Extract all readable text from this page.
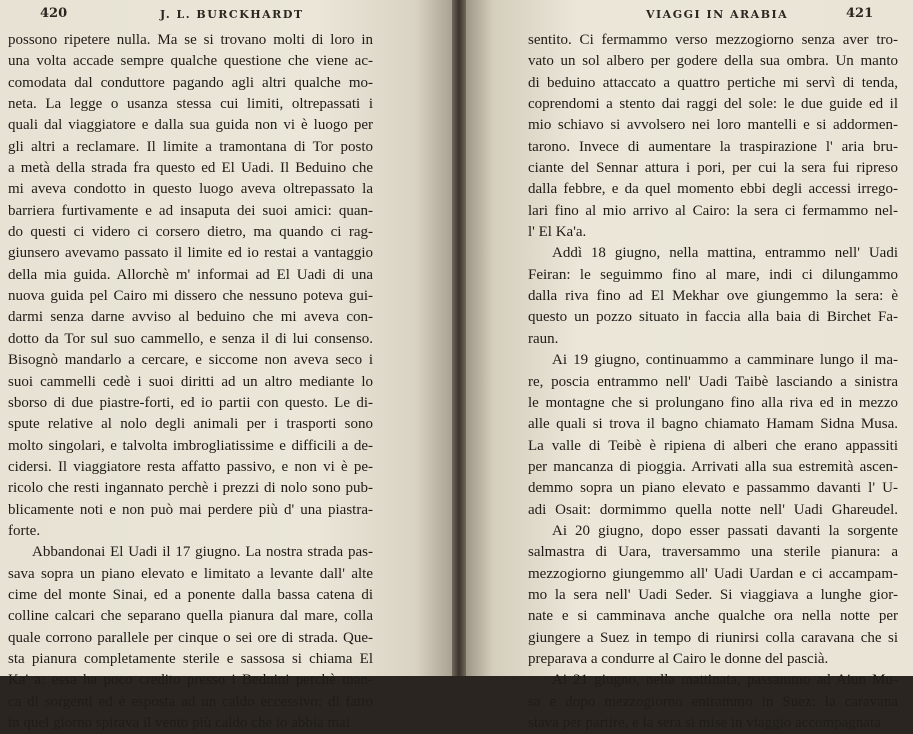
420	J. L. BURCKHARDT
possono ripetere nulla. Ma se si trovano molti di loro in
una volta accade sempre qualche questione che viene ac-
comodata dal conduttore pagando agli altri qualche mo-
neta. La legge o usanza stessa cui limiti, oltrepassati i
quali dal viaggiatore e dalla sua guida non vi è luogo per
gli altri a reclamare. Il limite a tramontana di Tor posto
a metà della strada fra questo ed El Uadi. Il Beduino che
mi aveva condotto in questo luogo aveva oltrepassato la
barriera furtivamente e ad insaputa dei suoi amici: quan-
do questi ci videro ci corsero dietro, ma quando ci rag-
giunsero avevamo passato il limite ed io restai a vantaggio
della mia guida. Allorchè m' informai ad El Uadi di una
nuova guida pel Cairo mi dissero che nessuno poteva gui-
darmi senza darne avviso al beduino che mi aveva con-
dotto da Tor sul suo cammello, e senza il di lui consenso.
Bisognò mandarlo a cercare, e siccome non aveva seco i
suoi cammelli cedè i suoi diritti ad un altro mediante lo
sborso di due piastre-forti, ed io partii con questo. Le di-
spute relative al nolo degli animali per i trasporti sono
molto singolari, e talvolta imbrogliatissime e difficili a de-
cidersi. Il viaggiatore resta affatto passivo, e non vi è pe-
ricolo che resti ingannato perchè i prezzi di nolo sono pub-
blicamente noti e non può mai perdere più d' una piastra-
forte.
Abbandonai El Uadi il 17 giugno. La nostra strada pas-
sava sopra un piano elevato e limitato a levante dall' alte
cime del monte Sinai, ed a ponente dalla bassa catena di
colline calcari che separano quella pianura dal mare, colla
quale corrono parallele per cinque o sei ore di strada. Que-
sta pianura completamente sterile e sassosa si chiama El
Ka' a: essa ha poco credito presso i Beduini perchè man-
ca di sorgenti ed è esposta ad un caldo eccessivo: di fatto
in quel giorno spirava il vento più caldo che io abbia mai
VIAGGI IN ARABIA	421
sentito. Ci fermammo verso mezzogiorno senza aver tro-
vato un sol albero per godere della sua ombra. Un manto
di beduino attaccato a quattro pertiche mi servì di tenda,
coprendomi a stento dai raggi del sole: le due guide ed il
mio schiavo si avvolsero nei loro mantelli e si addormen-
tarono. Invece di aumentare la traspirazione l' aria bru-
ciante del Sennar attura i pori, per cui la sera fui ripreso
dalla febbre, e da quel momento ebbi degli accessi irrego-
lari fino al mio arrivo al Cairo: la sera ci fermammo nel-
l' El Ka'a.
Addì 18 giugno, nella mattina, entrammo nell' Uadi
Feiran: le seguimmo fino al mare, indi ci dilungammo
dalla riva fino ad El Mekhar ove giungemmo la sera: è
questo un pozzo situato in faccia alla baia di Birchet Fa-
raun.
Ai 19 giugno, continuammo a camminare lungo il ma-
re, poscia entrammo nell' Uadi Taibè lasciando a sinistra
le montagne che si prolungano fino alla riva ed in mezzo
alle quali si trova il bagno chiamato Hamam Sidna Musa.
La valle di Teibè è ripiena di alberi che erano appassiti
per mancanza di pioggia. Arrivati alla sua estremità ascen-
demmo sopra un piano elevato e passammo davanti l' U-
adi Osait: dormimmo quella notte nell' Uadi Ghareudel.
Ai 20 giugno, dopo esser passati davanti la sorgente
salmastra di Uara, traversammo una sterile pianura: a
mezzogiorno giungemmo all' Uadi Uardan e ci accampam-
mo la sera nell' Uadi Seder. Si viaggiava a lunghe gior-
nate e si camminava anche qualche ora nella notte per
giungere a Suez in tempo di riunirsi colla caravana che si
preparava a condurre al Cairo le donne del pascià.
Ai 21 giugno, nella mattinata, passammo ad Aiun Mu-
sa e dopo mezzogiorno entrammo in Suez: la caravana
stava per partire, e la sera si mise in viaggio accompagnata
